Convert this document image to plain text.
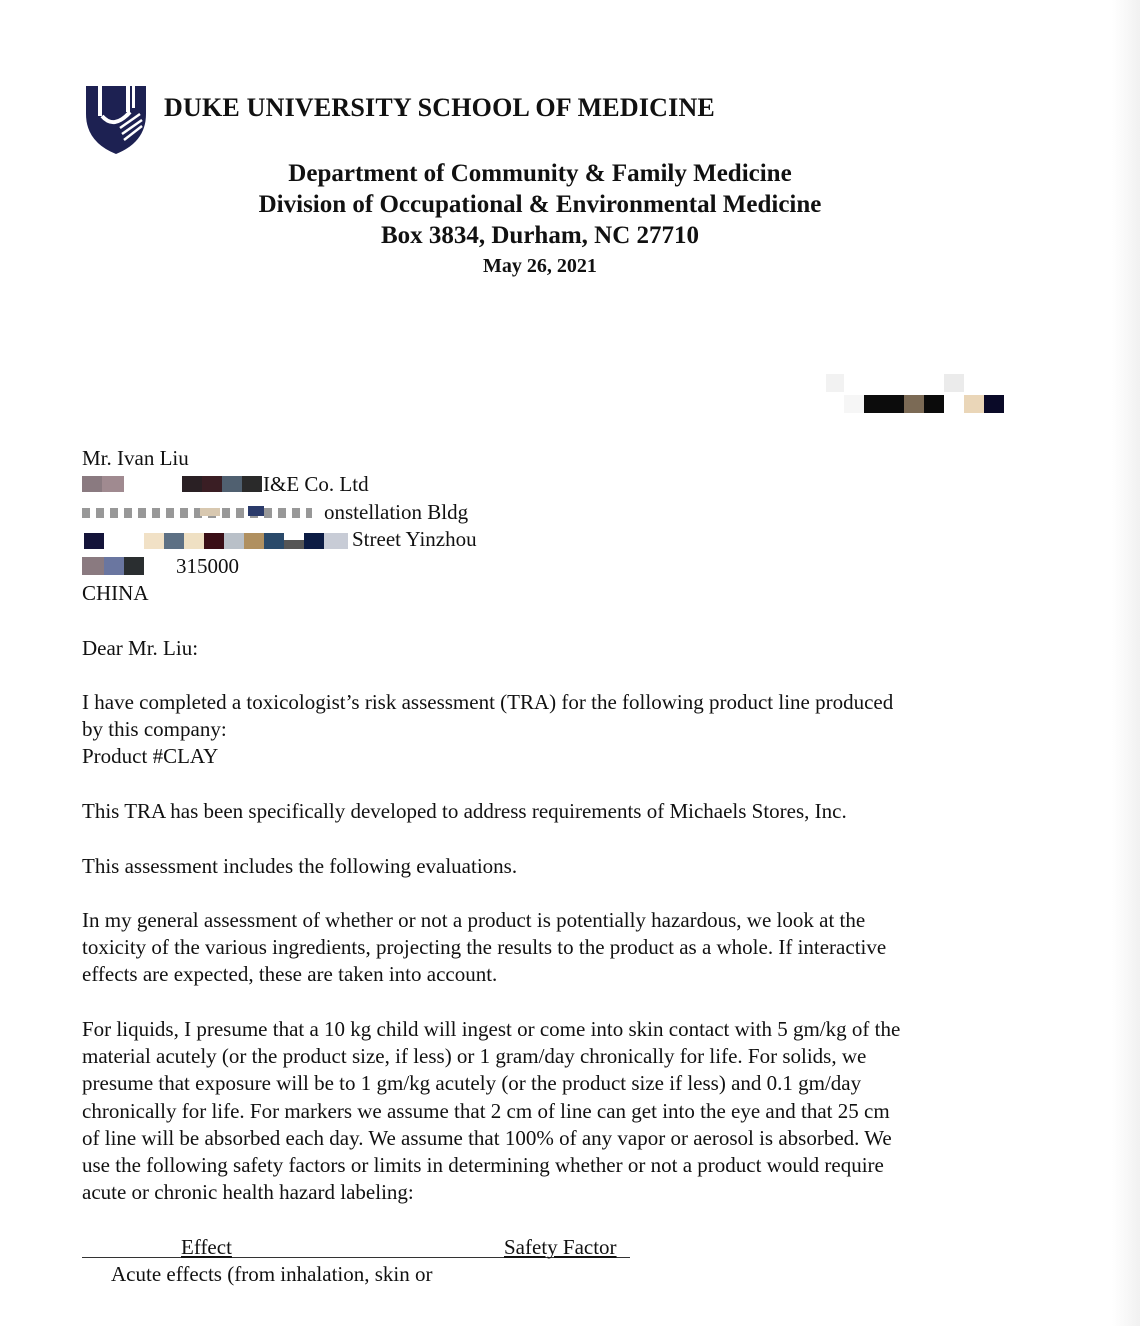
DUKE UNIVERSITY SCHOOL OF MEDICINE
Department of Community & Family Medicine
Division of Occupational & Environmental Medicine
Box 3834, Durham, NC 27710
May 26, 2021
Mr. Ivan Liu
I&E Co. Ltd
onstellation Bldg
Street Yinzhou
315000
CHINA
Dear Mr. Liu:

I have completed a toxicologist’s risk assessment (TRA) for the following product line produced

by this company:

Product #CLAY

This TRA has been specifically developed to address requirements of Michaels Stores, Inc.

This assessment includes the following evaluations.

In my general assessment of whether or not a product is potentially hazardous, we look at the

toxicity of the various ingredients, projecting the results to the product as a whole. If interactive

effects are expected, these are taken into account.

For liquids, I presume that a 10 kg child will ingest or come into skin contact with 5 gm/kg of the

material acutely (or the product size, if less) or 1 gram/day chronically for life. For solids, we

presume that exposure will be to 1 gm/kg acutely (or the product size if less) and 0.1 gm/day

chronically for life. For markers we assume that 2 cm of line can get into the eye and that 25 cm

of line will be absorbed each day. We assume that 100% of any vapor or aerosol is absorbed. We

use the following safety factors or limits in determining whether or not a product would require

acute or chronic health hazard labeling:

Effect	Safety Factor
Acute effects (from inhalation, skin or
